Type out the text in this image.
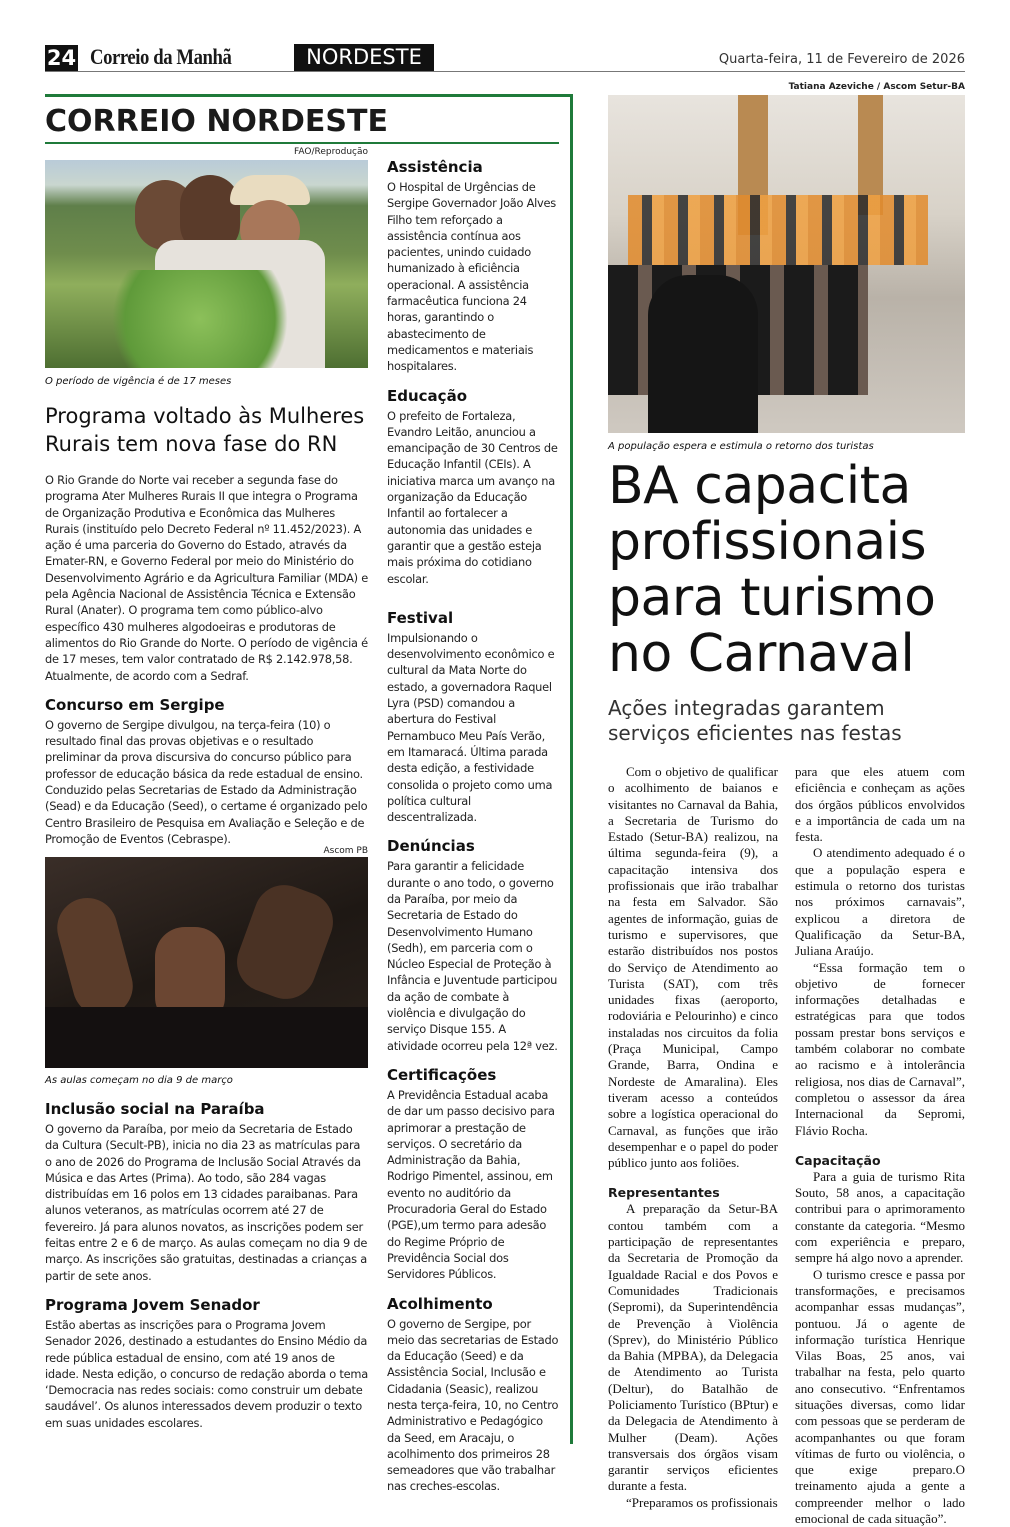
24 Correio da Manhã	NORDESTE	Quarta-feira, 11 de Fevereiro de 2026
CORREIO NORDESTE
FAO/Reprodução
O período de vigência é de 17 meses
Programa voltado às Mulheres Rurais tem nova fase do RN

O Rio Grande do Norte vai receber a segunda fase do programa Ater Mulheres Rurais II que integra o Programa de Organização Produtiva e Econômica das Mulheres Rurais (instituído pelo Decreto Federal nº 11.452/2023). A ação é uma parceria do Governo do Estado, através da Emater-RN, e Governo Federal por meio do Ministério do Desenvolvimento Agrário e da Agricultura Familiar (MDA) e pela Agência Nacional de Assistência Técnica e Extensão Rural (Anater). O programa tem como público-alvo específico 430 mulheres algodoeiras e produtoras de alimentos do Rio Grande do Norte. O período de vigência é de 17 meses, tem valor contratado de R$ 2.142.978,58. Atualmente, de acordo com a Sedraf.

Concurso em Sergipe

O governo de Sergipe divulgou, na terça-feira (10) o resultado final das provas objetivas e o resultado preliminar da prova discursiva do concurso público para professor de educação básica da rede estadual de ensino. Conduzido pelas Secretarias de Estado da Administração (Sead) e da Educação (Seed), o certame é organizado pelo Centro Brasileiro de Pesquisa em Avaliação e Seleção e de Promoção de Eventos (Cebraspe).

Ascom PB
As aulas começam no dia 9 de março
Inclusão social na Paraíba

O governo da Paraíba, por meio da Secretaria de Estado da Cultura (Secult-PB), inicia no dia 23 as matrículas para o ano de 2026 do Programa de Inclusão Social Através da Música e das Artes (Prima). Ao todo, são 284 vagas distribuídas em 16 polos em 13 cidades paraibanas. Para alunos veteranos, as matrículas ocorrem até 27 de fevereiro. Já para alunos novatos, as inscrições podem ser feitas entre 2 e 6 de março. As aulas começam no dia 9 de março. As inscrições são gratuitas, destinadas a crianças a partir de sete anos.

Programa Jovem Senador

Estão abertas as inscrições para o Programa Jovem Senador 2026, destinado a estudantes do Ensino Médio da rede pública estadual de ensino, com até 19 anos de idade. Nesta edição, o concurso de redação aborda o tema ‘Democracia nas redes sociais: como construir um debate saudável’. Os alunos interessados devem produzir o texto em suas unidades escolares.

Assistência

O Hospital de Urgências de Sergipe Governador João Alves Filho tem reforçado a assistência contínua aos pacientes, unindo cuidado humanizado à eficiência operacional. A assistência farmacêutica funciona 24 horas, garantindo o abastecimento de medicamentos e materiais hospitalares.

Educação

O prefeito de Fortaleza, Evandro Leitão, anunciou a emancipação de 30 Centros de Educação Infantil (CEIs). A iniciativa marca um avanço na organização da Educação Infantil ao fortalecer a autonomia das unidades e garantir que a gestão esteja mais próxima do cotidiano escolar.

Festival

Impulsionando o desenvolvimento econômico e cultural da Mata Norte do estado, a governadora Raquel Lyra (PSD) comandou a abertura do Festival Pernambuco Meu País Verão, em Itamaracá. Última parada desta edição, a festividade consolida o projeto como uma política cultural descentralizada.

Denúncias

Para garantir a felicidade durante o ano todo, o governo da Paraíba, por meio da Secretaria de Estado do Desenvolvimento Humano (Sedh), em parceria com o Núcleo Especial de Proteção à Infância e Juventude participou da ação de combate à violência e divulgação do serviço Disque 155. A atividade ocorreu pela 12ª vez.

Certificações

A Previdência Estadual acaba de dar um passo decisivo para aprimorar a prestação de serviços. O secretário da Administração da Bahia, Rodrigo Pimentel, assinou, em evento no auditório da Procuradoria Geral do Estado (PGE),um termo para adesão do Regime Próprio de Previdência Social dos Servidores Públicos.

Acolhimento

O governo de Sergipe, por meio das secretarias de Estado da Educação (Seed) e da Assistência Social, Inclusão e Cidadania (Seasic), realizou nesta terça-feira, 10, no Centro Administrativo e Pedagógico da Seed, em Aracaju, o acolhimento dos primeiros 28 semeadores que vão trabalhar nas creches-escolas.

Tatiana Azeviche / Ascom Setur-BA
A população espera e estimula o retorno dos turistas
BA capacita profissionais para turismo no Carnaval
Ações integradas garantem serviços eficientes nas festas

Com o objetivo de qualificar o acolhimento de baianos e visitantes no Carnaval da Bahia, a Secretaria de Turismo do Estado (Setur-BA) realizou, na última segunda-feira (9), a capacitação intensiva dos profissionais que irão trabalhar na festa em Salvador. São agentes de informação, guias de turismo e supervisores, que estarão distribuídos nos postos do Serviço de Atendimento ao Turista (SAT), com três unidades fixas (aeroporto, rodoviária e Pelourinho) e cinco instaladas nos circuitos da folia (Praça Municipal, Campo Grande, Barra, Ondina e Nordeste de Amaralina). Eles tiveram acesso a conteúdos sobre a logística operacional do Carnaval, as funções que irão desempenhar e o papel do poder público junto aos foliões.

Representantes

A preparação da Setur-BA contou também com a participação de representantes da Secretaria de Promoção da Igualdade Racial e dos Povos e Comunidades Tradicionais (Sepromi), da Superintendência de Prevenção à Violência (Sprev), do Ministério Público da Bahia (MPBA), da Delegacia de Atendimento ao Turista (Deltur), do Batalhão de Policiamento Turístico (BPtur) e da Delegacia de Atendimento à Mulher (Deam). Ações transversais dos órgãos visam garantir serviços eficientes durante a festa.

“Preparamos os profissionais

para que eles atuem com eficiência e conheçam as ações dos órgãos públicos envolvidos e a importância de cada um na festa.

O atendimento adequado é o que a população espera e estimula o retorno dos turistas nos próximos carnavais”, explicou a diretora de Qualificação da Setur-BA, Juliana Araújo.

“Essa formação tem o objetivo de fornecer informações detalhadas e estratégicas para que todos possam prestar bons serviços e também colaborar no combate ao racismo e à intolerância religiosa, nos dias de Carnaval”, completou o assessor da área Internacional da Sepromi, Flávio Rocha.

Capacitação

Para a guia de turismo Rita Souto, 58 anos, a capacitação contribui para o aprimoramento constante da categoria. “Mesmo com experiência e preparo, sempre há algo novo a aprender.

O turismo cresce e passa por transformações, e precisamos acompanhar essas mudanças”, pontuou. Já o agente de informação turística Henrique Vilas Boas, 25 anos, vai trabalhar na festa, pelo quarto ano consecutivo. “Enfrentamos situações diversas, como lidar com pessoas que se perderam de acompanhantes ou que foram vítimas de furto ou violência, o que exige preparo.O treinamento ajuda a gente a compreender melhor o lado emocional de cada situação”.
